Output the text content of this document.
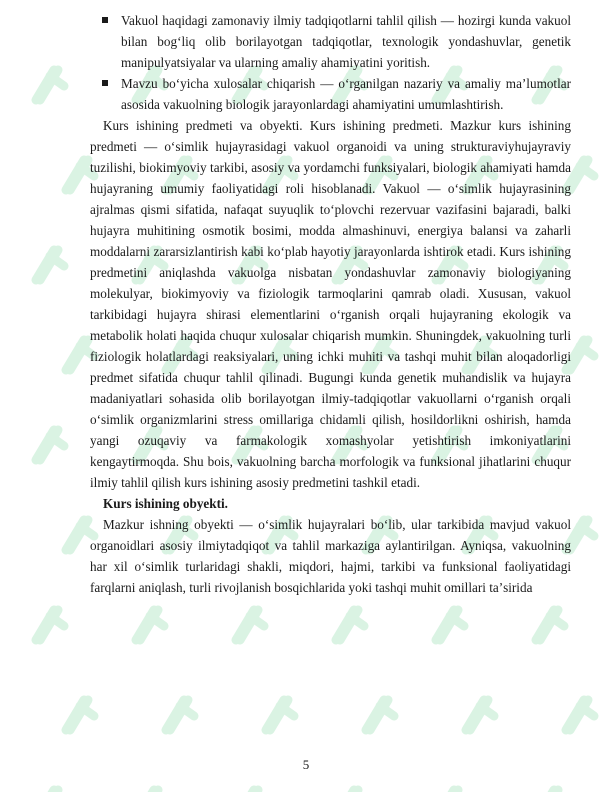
Vakuol haqidagi zamonaviy ilmiy tadqiqotlarni tahlil qilish — hozirgi kunda vakuol bilan bogʻliq olib borilayotgan tadqiqotlar, texnologik yondashuvlar, genetik manipulyatsiyalar va ularning amaliy ahamiyatini yoritish.
Mavzu boʻyicha xulosalar chiqarish — oʻrganilgan nazariy va amaliy maʼlumotlar asosida vakuolning biologik jarayonlardagi ahamiyatini umumlashtirish.

Kurs ishining predmeti va obyekti. Kurs ishining predmeti. Mazkur kurs ishining predmeti — oʻsimlik hujayrasidagi vakuol organoidi va uning strukturaviyhujayraviy tuzilishi, biokimyoviy tarkibi, asosiy va yordamchi funksiyalari, biologik ahamiyati hamda hujayraning umumiy faoliyatidagi roli hisoblanadi. Vakuol — oʻsimlik hujayrasining ajralmas qismi sifatida, nafaqat suyuqlik toʻplovchi rezervuar vazifasini bajaradi, balki hujayra muhitining osmotik bosimi, modda almashinuvi, energiya balansi va zaharli moddalarni zararsizlantirish kabi koʻplab hayotiy jarayonlarda ishtirok etadi. Kurs ishining predmetini aniqlashda vakuolga nisbatan yondashuvlar zamonaviy biologiyaning molekulyar, biokimyoviy va fiziologik tarmoqlarini qamrab oladi. Xususan, vakuol tarkibidagi hujayra shirasi elementlarini oʻrganish orqali hujayraning ekologik va metabolik holati haqida chuqur xulosalar chiqarish mumkin. Shuningdek, vakuolning turli fiziologik holatlardagi reaksiyalari, uning ichki muhiti va tashqi muhit bilan aloqadorligi predmet sifatida chuqur tahlil qilinadi. Bugungi kunda genetik muhandislik va hujayra madaniyatlari sohasida olib borilayotgan ilmiy-tadqiqotlar vakuollarni oʻrganish orqali oʻsimlik organizmlarini stress omillariga chidamli qilish, hosildorlikni oshirish, hamda yangi ozuqaviy va farmakologik xomashyolar yetishtirish imkoniyatlarini kengaytirmoqda. Shu bois, vakuolning barcha morfologik va funksional jihatlarini chuqur ilmiy tahlil qilish kurs ishining asosiy predmetini tashkil etadi.

Kurs ishining obyekti.

Mazkur ishning obyekti — oʻsimlik hujayralari boʻlib, ular tarkibida mavjud vakuol organoidlari asosiy ilmiytadqiqot va tahlil markaziga aylantirilgan. Ayniqsa, vakuolning har xil oʻsimlik turlaridagi shakli, miqdori, hajmi, tarkibi va funksional faoliyatidagi farqlarni aniqlash, turli rivojlanish bosqichlarida yoki tashqi muhit omillari taʼsirida

5
